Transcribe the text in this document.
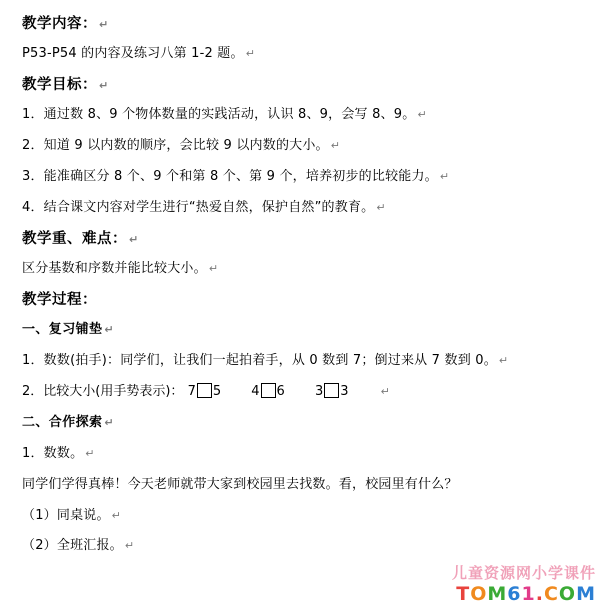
教学内容： ↵
P53-P54 的内容及练习八第 1-2 题。 ↵
教学目标： ↵
1．通过数 8、9 个物体数量的实践活动，认识 8、9，会写 8、9。 ↵
2．知道 9 以内数的顺序，会比较 9 以内数的大小。 ↵
3．能准确区分 8 个、9 个和第 8 个、第 9 个，培养初步的比较能力。 ↵
4．结合课文内容对学生进行“热爱自然，保护自然”的教育。 ↵
教学重、难点： ↵
区分基数和序数并能比较大小。 ↵
教学过程：
一、复习铺垫 ↵
1．数数(拍手)：同学们，让我们一起拍着手，从 0 数到 7；倒过来从 7 数到 0。 ↵
2．比较大小(用手势表示)： 7 5 4 6 3 3	↵
二、合作探索 ↵
1．数数。 ↵
同学们学得真棒！今天老师就带大家到校园里去找数。看，校园里有什么？
（1）同桌说。 ↵
（2）全班汇报。 ↵
儿童资源网小学课件
TOM61.COM
